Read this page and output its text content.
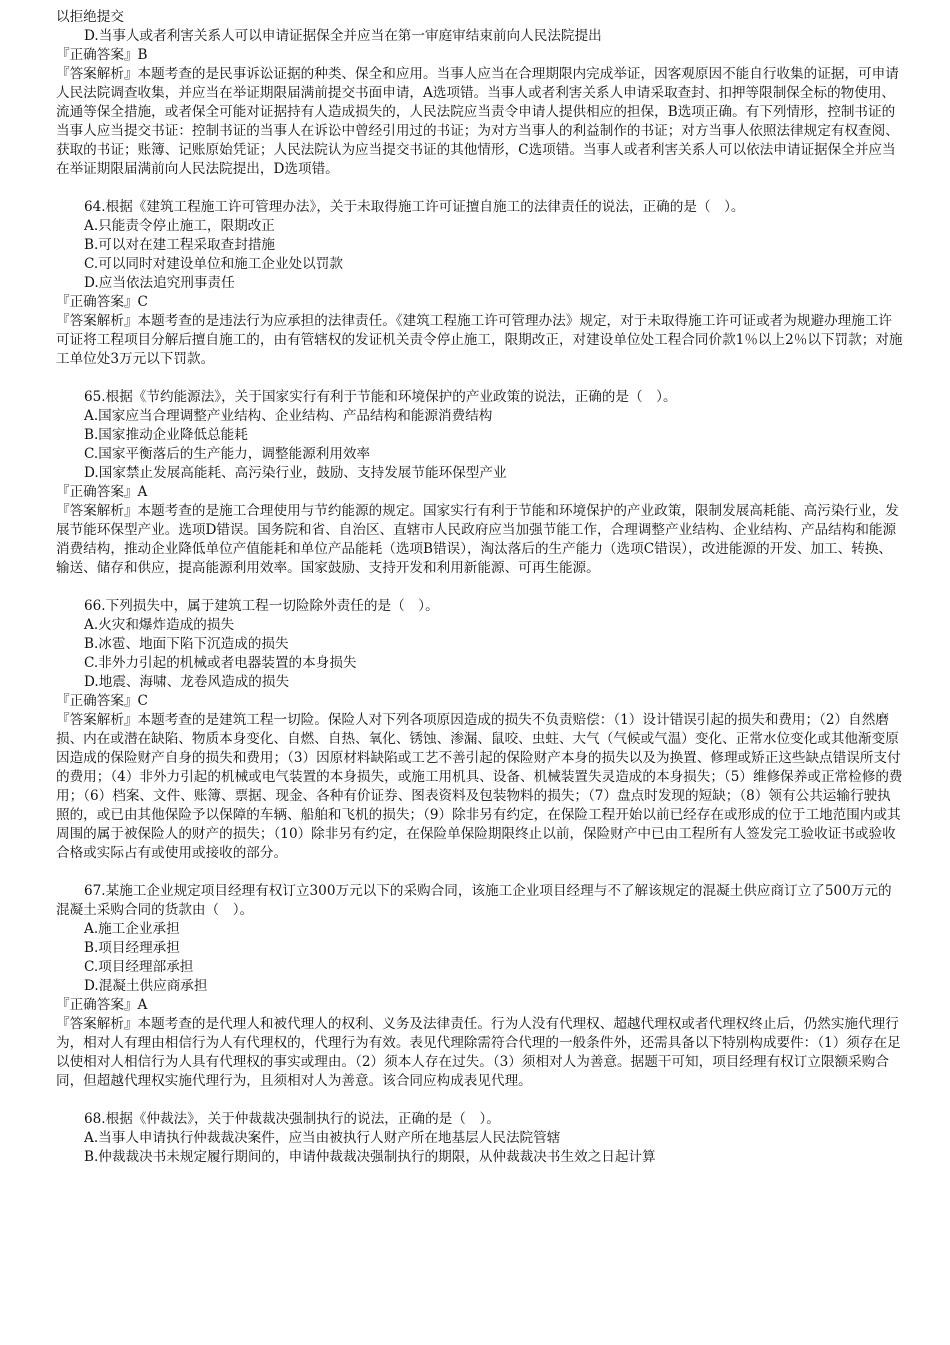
以拒绝提交
D.当事人或者利害关系人可以申请证据保全并应当在第一审庭审结束前向人民法院提出
『正确答案』B
『答案解析』本题考查的是民事诉讼证据的种类、保全和应用。当事人应当在合理期限内完成举证，因客观原因不能自行收集的证据，可申请人民法院调查收集，并应当在举证期限届满前提交书面申请，A选项错。当事人或者利害关系人申请采取查封、扣押等限制保全标的物使用、流通等保全措施，或者保全可能对证据持有人造成损失的，人民法院应当责令申请人提供相应的担保，B选项正确。有下列情形，控制书证的当事人应当提交书证：控制书证的当事人在诉讼中曾经引用过的书证；为对方当事人的利益制作的书证；对方当事人依照法律规定有权查阅、获取的书证；账簿、记账原始凭证；人民法院认为应当提交书证的其他情形，C选项错。当事人或者利害关系人可以依法申请证据保全并应当在举证期限届满前向人民法院提出，D选项错。
64.根据《建筑工程施工许可管理办法》，关于未取得施工许可证擅自施工的法律责任的说法，正确的是（　）。
A.只能责令停止施工，限期改正
B.可以对在建工程采取查封措施
C.可以同时对建设单位和施工企业处以罚款
D.应当依法追究刑事责任
『正确答案』C
『答案解析』本题考查的是违法行为应承担的法律责任。《建筑工程施工许可管理办法》规定，对于未取得施工许可证或者为规避办理施工许可证将工程项目分解后擅自施工的，由有管辖权的发证机关责令停止施工，限期改正，对建设单位处工程合同价款1％以上2％以下罚款；对施工单位处3万元以下罚款。
65.根据《节约能源法》，关于国家实行有利于节能和环境保护的产业政策的说法，正确的是（　）。
A.国家应当合理调整产业结构、企业结构、产品结构和能源消费结构
B.国家推动企业降低总能耗
C.国家平衡落后的生产能力，调整能源利用效率
D.国家禁止发展高能耗、高污染行业，鼓励、支持发展节能环保型产业
『正确答案』A
『答案解析』本题考查的是施工合理使用与节约能源的规定。国家实行有利于节能和环境保护的产业政策，限制发展高耗能、高污染行业，发展节能环保型产业。选项D错误。国务院和省、自治区、直辖市人民政府应当加强节能工作，合理调整产业结构、企业结构、产品结构和能源消费结构，推动企业降低单位产值能耗和单位产品能耗（选项B错误），淘汰落后的生产能力（选项C错误），改进能源的开发、加工、转换、输送、储存和供应，提高能源利用效率。国家鼓励、支持开发和利用新能源、可再生能源。
66.下列损失中，属于建筑工程一切险除外责任的是（　）。
A.火灾和爆炸造成的损失
B.冰雹、地面下陷下沉造成的损失
C.非外力引起的机械或者电器装置的本身损失
D.地震、海啸、龙卷风造成的损失
『正确答案』C
『答案解析』本题考查的是建筑工程一切险。保险人对下列各项原因造成的损失不负责赔偿：（1）设计错误引起的损失和费用；（2）自然磨损、内在或潜在缺陷、物质本身变化、自燃、自热、氧化、锈蚀、渗漏、鼠咬、虫蛀、大气（气候或气温）变化、正常水位变化或其他渐变原因造成的保险财产自身的损失和费用；（3）因原材料缺陷或工艺不善引起的保险财产本身的损失以及为换置、修理或矫正这些缺点错误所支付的费用；（4）非外力引起的机械或电气装置的本身损失，或施工用机具、设备、机械装置失灵造成的本身损失；（5）维修保养或正常检修的费用；（6）档案、文件、账簿、票据、现金、各种有价证券、图表资料及包装物料的损失；（7）盘点时发现的短缺；（8）领有公共运输行驶执照的，或已由其他保险予以保障的车辆、船舶和飞机的损失；（9）除非另有约定，在保险工程开始以前已经存在或形成的位于工地范围内或其周围的属于被保险人的财产的损失；（10）除非另有约定，在保险单保险期限终止以前，保险财产中已由工程所有人签发完工验收证书或验收合格或实际占有或使用或接收的部分。
67.某施工企业规定项目经理有权订立300万元以下的采购合同，该施工企业项目经理与不了解该规定的混凝土供应商订立了500万元的混凝土采购合同的货款由（　）。
A.施工企业承担
B.项目经理承担
C.项目经理部承担
D.混凝土供应商承担
『正确答案』A
『答案解析』本题考查的是代理人和被代理人的权利、义务及法律责任。行为人没有代理权、超越代理权或者代理权终止后，仍然实施代理行为，相对人有理由相信行为人有代理权的，代理行为有效。表见代理除需符合代理的一般条件外，还需具备以下特别构成要件：（1）须存在足以使相对人相信行为人具有代理权的事实或理由。（2）须本人存在过失。（3）须相对人为善意。据题干可知，项目经理有权订立限额采购合同，但超越代理权实施代理行为，且须相对人为善意。该合同应构成表见代理。
68.根据《仲裁法》，关于仲裁裁决强制执行的说法，正确的是（　）。
A.当事人申请执行仲裁裁决案件，应当由被执行人财产所在地基层人民法院管辖
B.仲裁裁决书未规定履行期间的，申请仲裁裁决强制执行的期限，从仲裁裁决书生效之日起计算
